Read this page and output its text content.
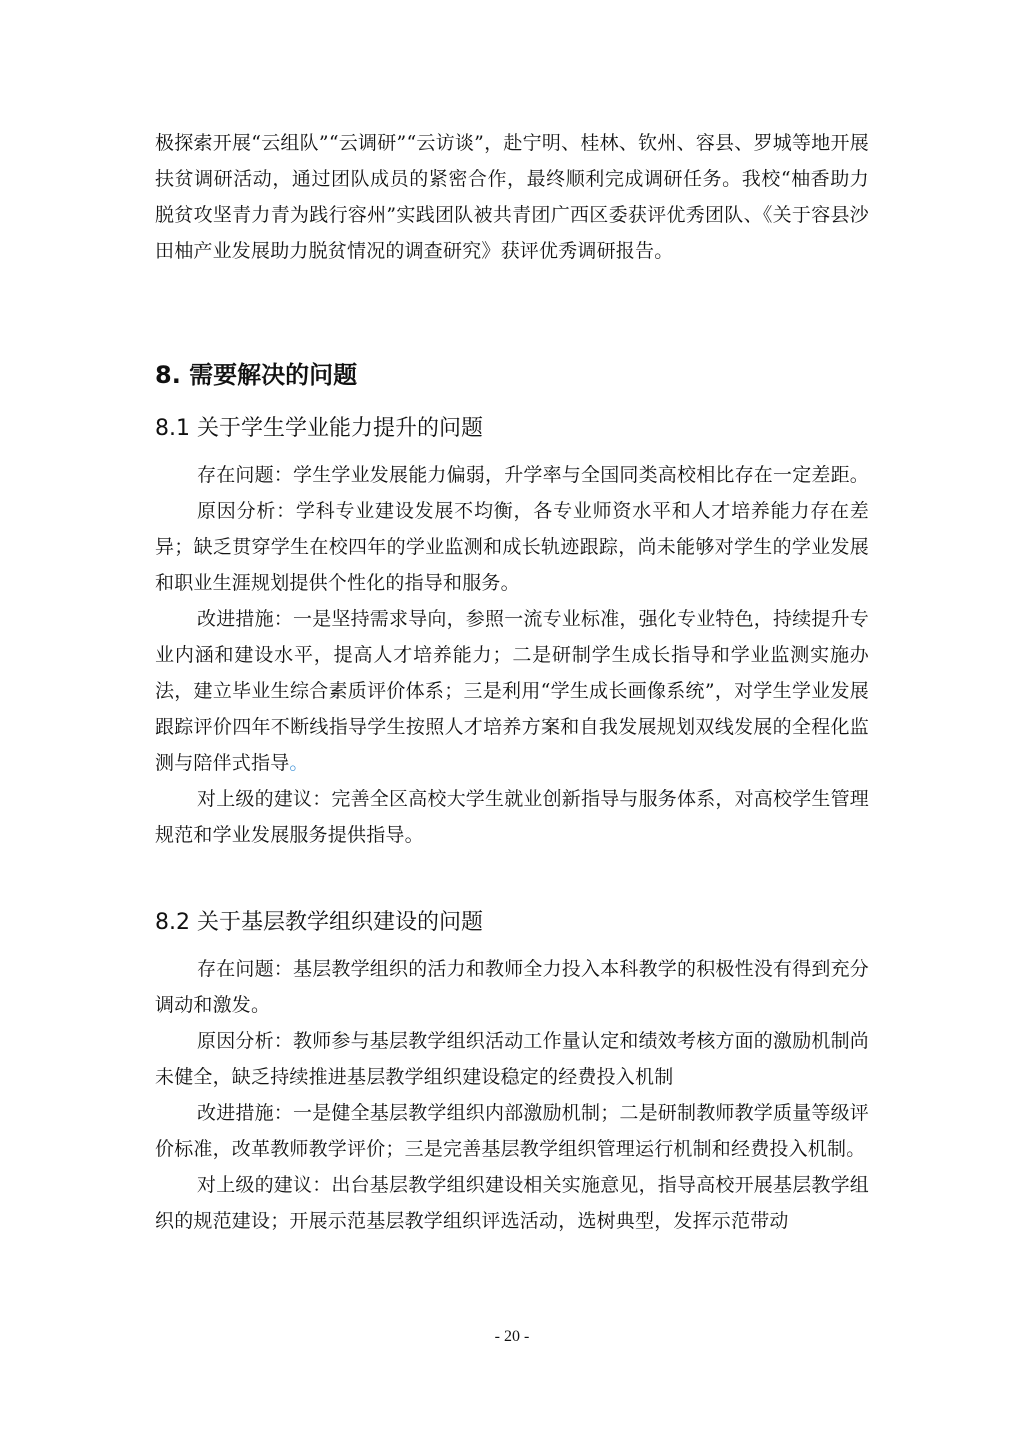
极探索开展“云组队”“云调研”“云访谈”，赴宁明、桂林、钦州、容县、罗城等地开展扶贫调研活动，通过团队成员的紧密合作，最终顺利完成调研任务。我校“柚香助力脱贫攻坚青力青为践行容州”实践团队被共青团广西区委获评优秀团队、《关于容县沙田柚产业发展助力脱贫情况的调查研究》获评优秀调研报告。

8. 需要解决的问题

8.1 关于学生学业能力提升的问题

存在问题：学生学业发展能力偏弱，升学率与全国同类高校相比存在一定差距。

原因分析：学科专业建设发展不均衡，各专业师资水平和人才培养能力存在差异；缺乏贯穿学生在校四年的学业监测和成长轨迹跟踪，尚未能够对学生的学业发展和职业生涯规划提供个性化的指导和服务。

改进措施：一是坚持需求导向，参照一流专业标准，强化专业特色，持续提升专业内涵和建设水平，提高人才培养能力；二是研制学生成长指导和学业监测实施办法，建立毕业生综合素质评价体系；三是利用“学生成长画像系统”，对学生学业发展跟踪评价四年不断线指导学生按照人才培养方案和自我发展规划双线发展的全程化监测与陪伴式指导。

对上级的建议：完善全区高校大学生就业创新指导与服务体系，对高校学生管理规范和学业发展服务提供指导。

8.2 关于基层教学组织建设的问题

存在问题：基层教学组织的活力和教师全力投入本科教学的积极性没有得到充分调动和激发。

原因分析：教师参与基层教学组织活动工作量认定和绩效考核方面的激励机制尚未健全，缺乏持续推进基层教学组织建设稳定的经费投入机制

改进措施：一是健全基层教学组织内部激励机制；二是研制教师教学质量等级评价标准，改革教师教学评价；三是完善基层教学组织管理运行机制和经费投入机制。

对上级的建议：出台基层教学组织建设相关实施意见，指导高校开展基层教学组织的规范建设；开展示范基层教学组织评选活动，选树典型，发挥示范带动

- 20 -
